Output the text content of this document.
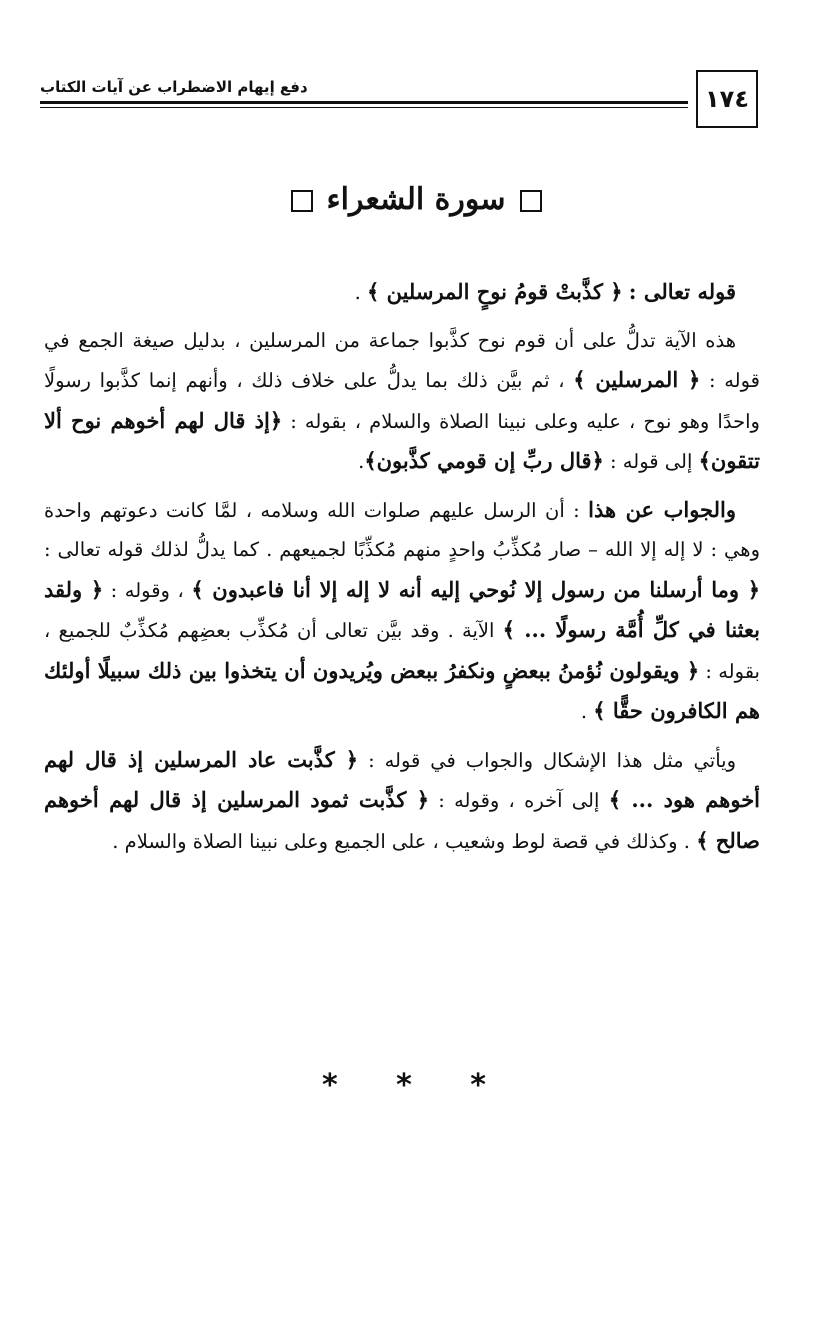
١٧٤
دفع إيهام الاضطراب عن آيات الكتاب
سورة الشعراء

قوله تعالى : ﴿ كذَّبتْ قومُ نوحٍ المرسلين ﴾ .

هذه الآية تدلُّ على أن قوم نوح كذَّبوا جماعة من المرسلين ، بدليل صيغة الجمع في قوله : ﴿ المرسلين ﴾ ، ثم بيَّن ذلك بما يدلُّ على خلاف ذلك ، وأنهم إنما كذَّبوا رسولًا واحدًا وهو نوح ، عليه وعلى نبينا الصلاة والسلام ، بقوله : ﴿إذ قال لهم أخوهم نوح ألا تتقون﴾ إلى قوله : ﴿قال ربِّ إن قومي كذَّبون﴾.

والجواب عن هذا : أن الرسل عليهم صلوات الله وسلامه ، لمَّا كانت دعوتهم واحدة وهي : لا إله إلا الله – صار مُكذِّبُ واحدٍ منهم مُكذِّبًا لجميعهم . كما يدلُّ لذلك قوله تعالى : ﴿ وما أرسلنا من رسول إلا نُوحي إليه أنه لا إله إلا أنا فاعبدون ﴾ ، وقوله : ﴿ ولقد بعثنا في كلِّ أُمَّة رسولًا ... ﴾ الآية . وقد بيَّن تعالى أن مُكذِّب بعضِهم مُكذِّبٌ للجميع ، بقوله : ﴿ ويقولون نُؤمنُ ببعضٍ ونكفرُ ببعض ويُريدون أن يتخذوا بين ذلك سبيلًا أولئك هم الكافرون حقًّا ﴾ .

ويأتي مثل هذا الإشكال والجواب في قوله : ﴿ كذَّبت عاد المرسلين إذ قال لهم أخوهم هود ... ﴾ إلى آخره ، وقوله : ﴿ كذَّبت ثمود المرسلين إذ قال لهم أخوهم صالح ﴾ . وكذلك في قصة لوط وشعيب ، على الجميع وعلى نبينا الصلاة والسلام .

* * *
